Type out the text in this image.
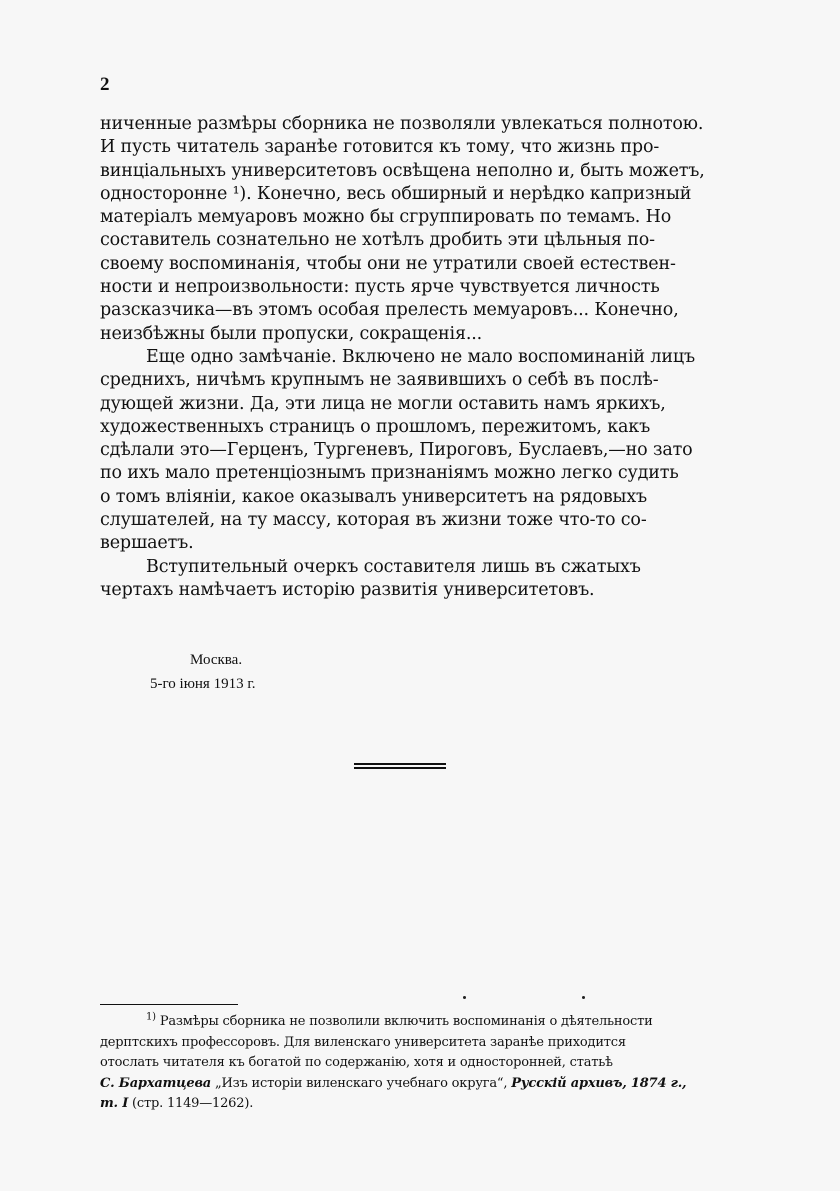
2
ниченные размѣры сборника не позволяли увлекаться полнотою.
И пусть читатель заранѣе готовится къ тому, что жизнь про-
винціальныхъ университетовъ освѣщена неполно и, быть можетъ,
односторонне ¹). Конечно, весь обширный и нерѣдко капризный
матеріалъ мемуаровъ можно бы сгруппировать по темамъ. Но
составитель сознательно не хотѣлъ дробить эти цѣльныя по-
своему воспоминанія, чтобы они не утратили своей естествен-
ности и непроизвольности: пусть ярче чувствуется личность
разсказчика—въ этомъ особая прелесть мемуаровъ... Конечно,
неизбѣжны были пропуски, сокращенія...
Еще одно замѣчаніе. Включено не мало воспоминаній лицъ
среднихъ, ничѣмъ крупнымъ не заявившихъ о себѣ въ послѣ-
дующей жизни. Да, эти лица не могли оставить намъ яркихъ,
художественныхъ страницъ о прошломъ, пережитомъ, какъ
сдѣлали это—Герценъ, Тургеневъ, Пироговъ, Буслаевъ,—но зато
по ихъ мало претенціознымъ признаніямъ можно легко судить
о томъ вліяніи, какое оказывалъ университетъ на рядовыхъ
слушателей, на ту массу, которая въ жизни тоже что-то со-
вершаетъ.
Вступительный очеркъ составителя лишь въ сжатыхъ
чертахъ намѣчаетъ исторію развитія университетовъ.
Москва.
5-го іюня 1913 г.
$^{1)}$ Размѣры сборника не позволили включить воспоминанія о дѣятельности
дерптскихъ профессоровъ. Для виленскаго университета заранѣе приходится
отослать читателя къ богатой по содержанію, хотя и односторонней, статьѣ
С. Бархатцева „Изъ исторіи виленскаго учебнаго округа“, Русскій архивъ, 1874 г.,
т. I (стр. 1149—1262).
